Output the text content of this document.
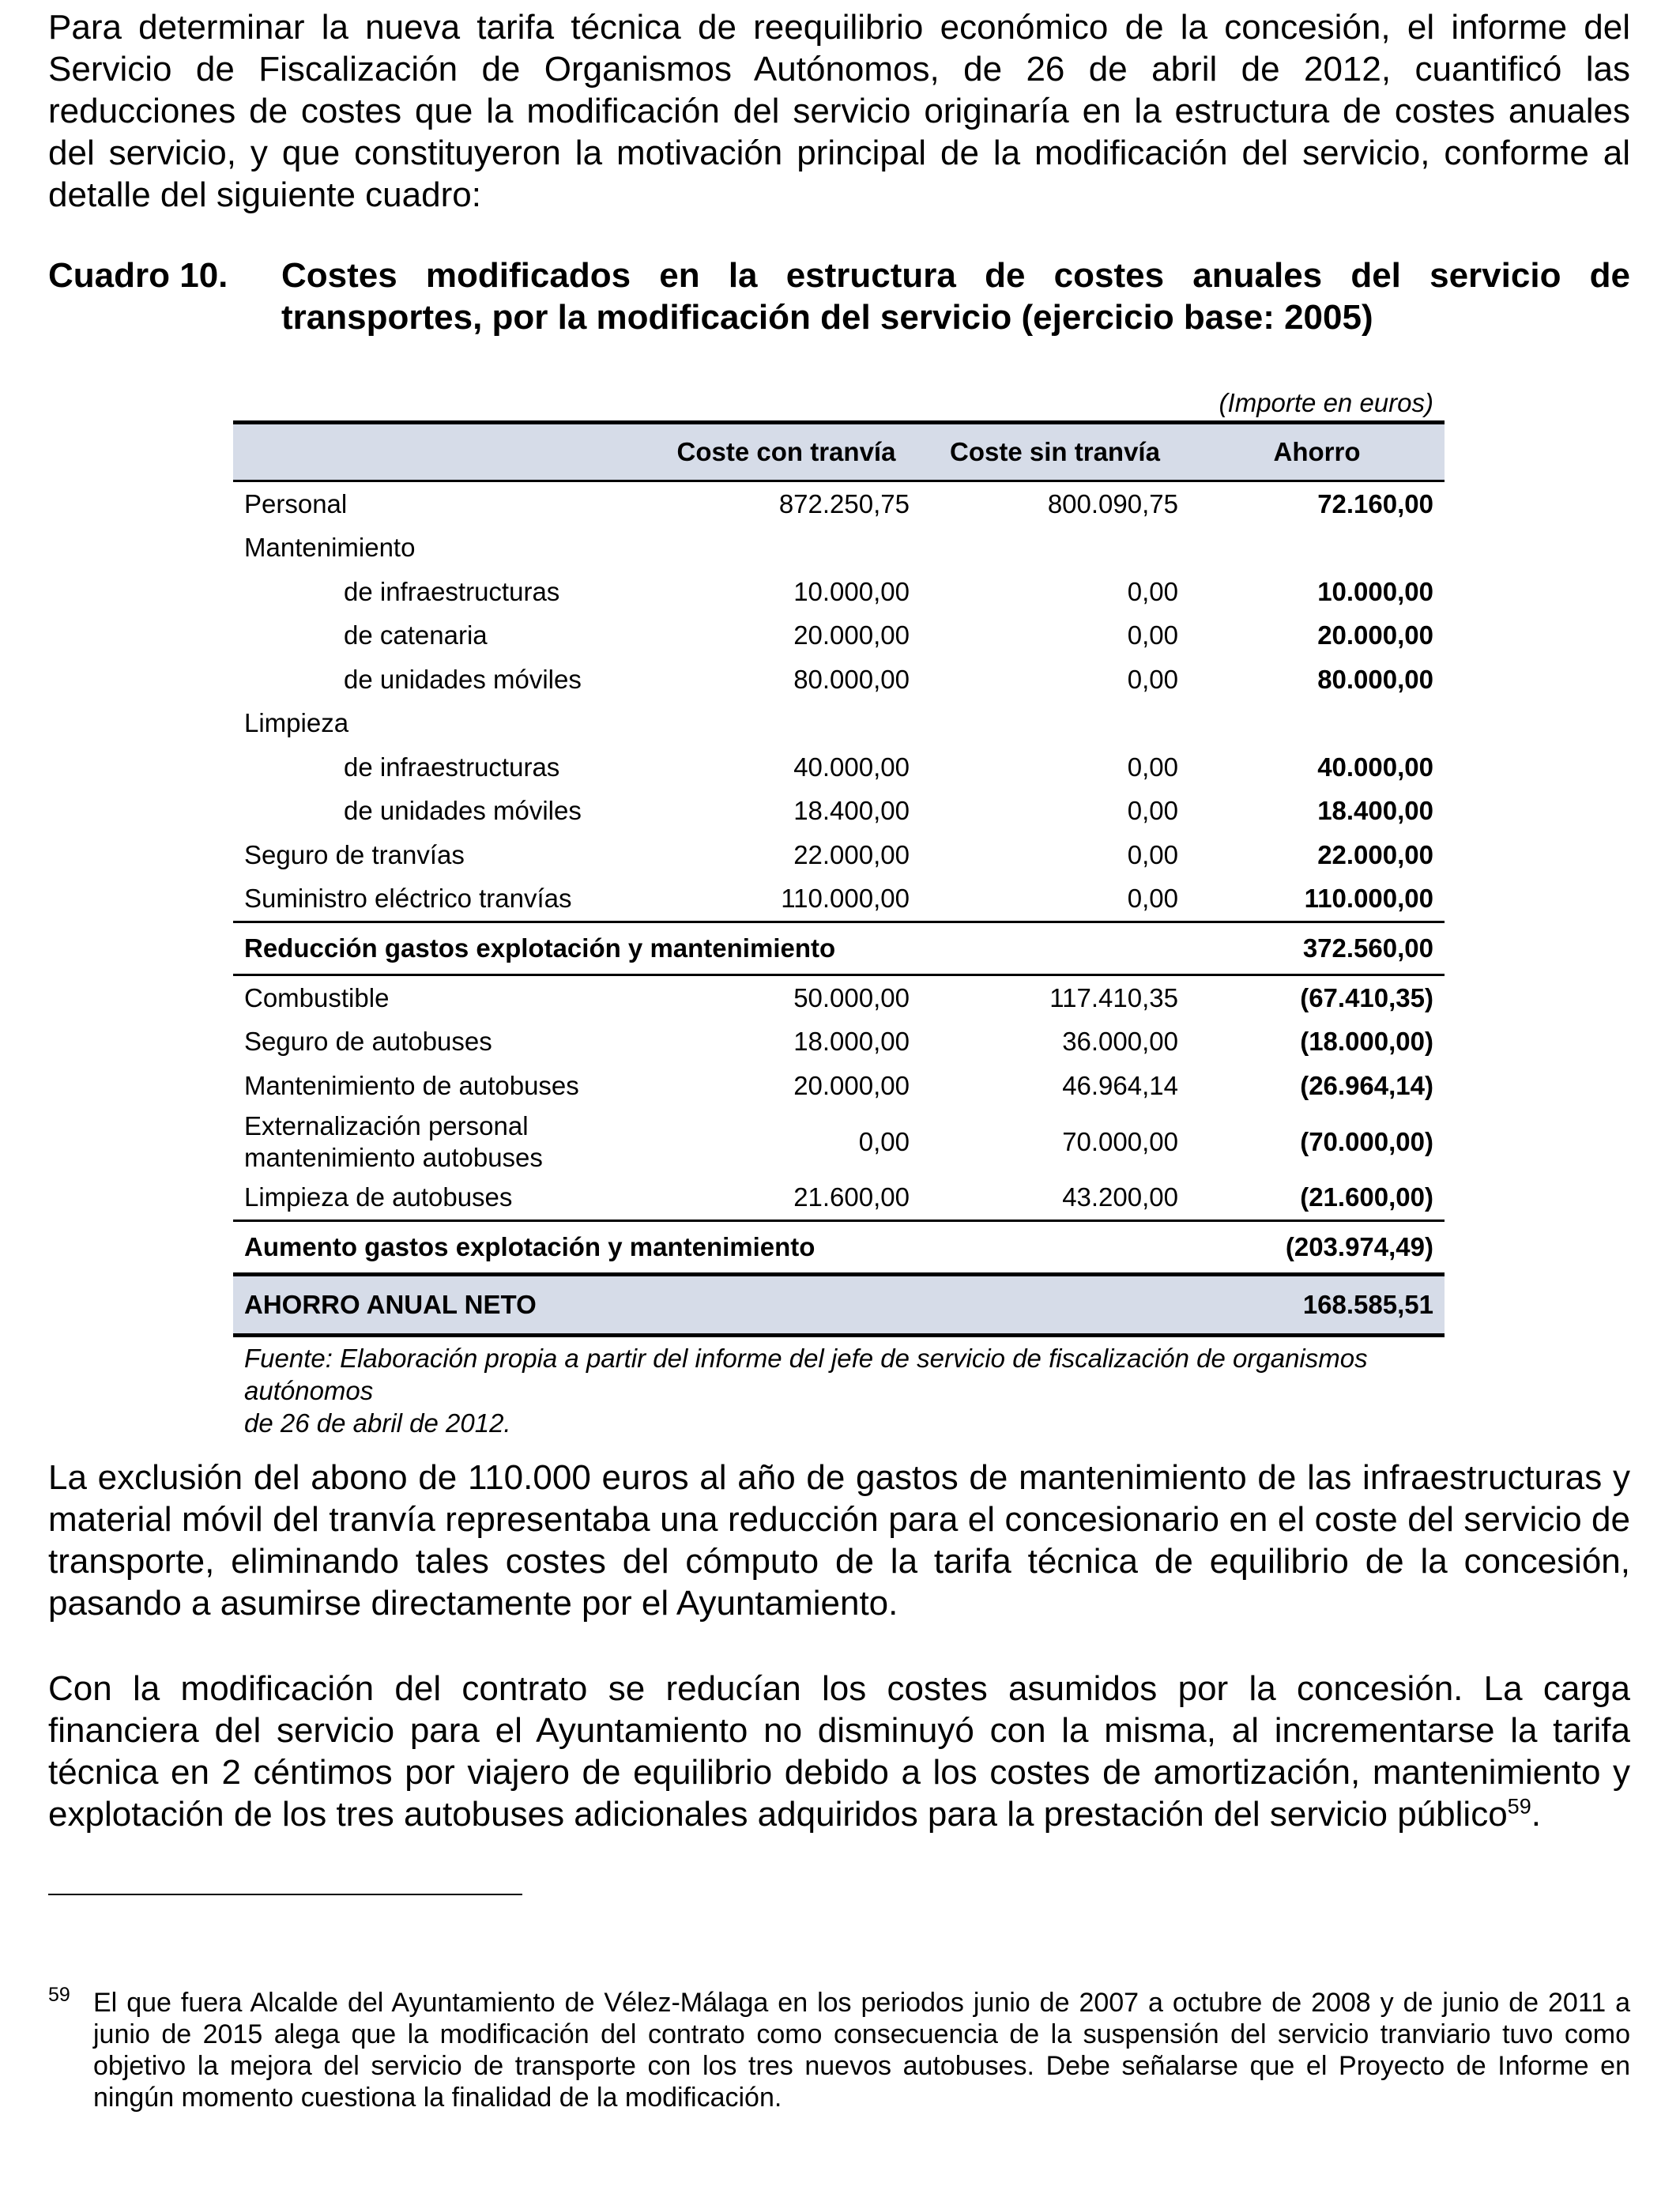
Para determinar la nueva tarifa técnica de reequilibrio económico de la concesión, el informe del Servicio de Fiscalización de Organismos Autónomos, de 26 de abril de 2012, cuantificó las reducciones de costes que la modificación del servicio originaría en la estructura de costes anuales del servicio, y que constituyeron la motivación principal de la modificación del servicio, conforme al detalle del siguiente cuadro:

Cuadro 10. Costes modificados en la estructura de costes anuales del servicio de transportes, por la modificación del servicio (ejercicio base: 2005)
(Importe en euros)
	Coste con tranvía	Coste sin tranvía	Ahorro
Personal	872.250,75	800.090,75	72.160,00
Mantenimiento			
de infraestructuras	10.000,00	0,00	10.000,00
de catenaria	20.000,00	0,00	20.000,00
de unidades móviles	80.000,00	0,00	80.000,00
Limpieza			
de infraestructuras	40.000,00	0,00	40.000,00
de unidades móviles	18.400,00	0,00	18.400,00
Seguro de tranvías	22.000,00	0,00	22.000,00
Suministro eléctrico tranvías	110.000,00	0,00	110.000,00
Reducción gastos explotación y mantenimiento			372.560,00
Combustible	50.000,00	117.410,35	(67.410,35)
Seguro de autobuses	18.000,00	36.000,00	(18.000,00)
Mantenimiento de autobuses	20.000,00	46.964,14	(26.964,14)
Externalización personal
mantenimiento autobuses	0,00	70.000,00	(70.000,00)
Limpieza de autobuses	21.600,00	43.200,00	(21.600,00)
Aumento gastos explotación y mantenimiento			(203.974,49)
AHORRO ANUAL NETO			168.585,51
Fuente: Elaboración propia a partir del informe del jefe de servicio de fiscalización de organismos autónomos
de 26 de abril de 2012.

La exclusión del abono de 110.000 euros al año de gastos de mantenimiento de las infraestructuras y material móvil del tranvía representaba una reducción para el concesionario en el coste del servicio de transporte, eliminando tales costes del cómputo de la tarifa técnica de equilibrio de la concesión, pasando a asumirse directamente por el Ayuntamiento.

Con la modificación del contrato se reducían los costes asumidos por la concesión. La carga financiera del servicio para el Ayuntamiento no disminuyó con la misma, al incrementarse la tarifa técnica en 2 céntimos por viajero de equilibrio debido a los costes de amortización, mantenimiento y explotación de los tres autobuses adicionales adquiridos para la prestación del servicio público$^{59}$.

59 El que fuera Alcalde del Ayuntamiento de Vélez-Málaga en los periodos junio de 2007 a octubre de 2008 y de junio de 2011 a junio de 2015 alega que la modificación del contrato como consecuencia de la suspensión del servicio tranviario tuvo como objetivo la mejora del servicio de transporte con los tres nuevos autobuses. Debe señalarse que el Proyecto de Informe en ningún momento cuestiona la finalidad de la modificación.
